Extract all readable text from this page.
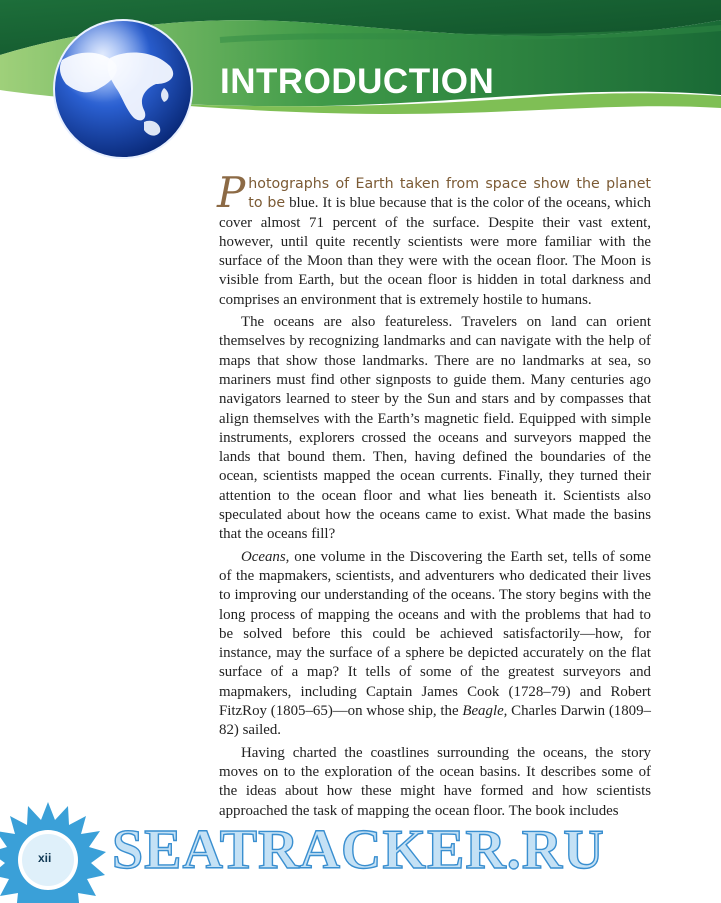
INTRODUCTION

Photographs of Earth taken from space show the planet to be blue. It is blue because that is the color of the oceans, which cover almost 71 percent of the surface. Despite their vast extent, however, until quite recently scientists were more familiar with the surface of the Moon than they were with the ocean floor. The Moon is visible from Earth, but the ocean floor is hidden in total darkness and comprises an environment that is extremely hostile to humans.

The oceans are also featureless. Travelers on land can orient themselves by recognizing landmarks and can navigate with the help of maps that show those landmarks. There are no landmarks at sea, so mariners must find other signposts to guide them. Many centuries ago navigators learned to steer by the Sun and stars and by compasses that align themselves with the Earth’s magnetic field. Equipped with simple instruments, explorers crossed the oceans and surveyors mapped the lands that bound them. Then, having defined the boundaries of the ocean, scientists mapped the ocean currents. Finally, they turned their attention to the ocean floor and what lies beneath it. Scientists also speculated about how the oceans came to exist. What made the basins that the oceans fill?

Oceans, one volume in the Discovering the Earth set, tells of some of the mapmakers, scientists, and adventurers who dedicated their lives to improving our understanding of the oceans. The story begins with the long process of mapping the oceans and with the problems that had to be solved before this could be achieved satisfactorily—how, for instance, may the surface of a sphere be depicted accurately on the flat surface of a map? It tells of some of the greatest surveyors and mapmakers, including Captain James Cook (1728–79) and Robert FitzRoy (1805–65)—on whose ship, the Beagle, Charles Darwin (1809–82) sailed.

Having charted the coastlines surrounding the oceans, the story moves on to the exploration of the ocean basins. It describes some of the ideas about how these might have formed and how scientists approached the task of mapping the ocean floor. The book includes

xii SEATRACKER.RU
